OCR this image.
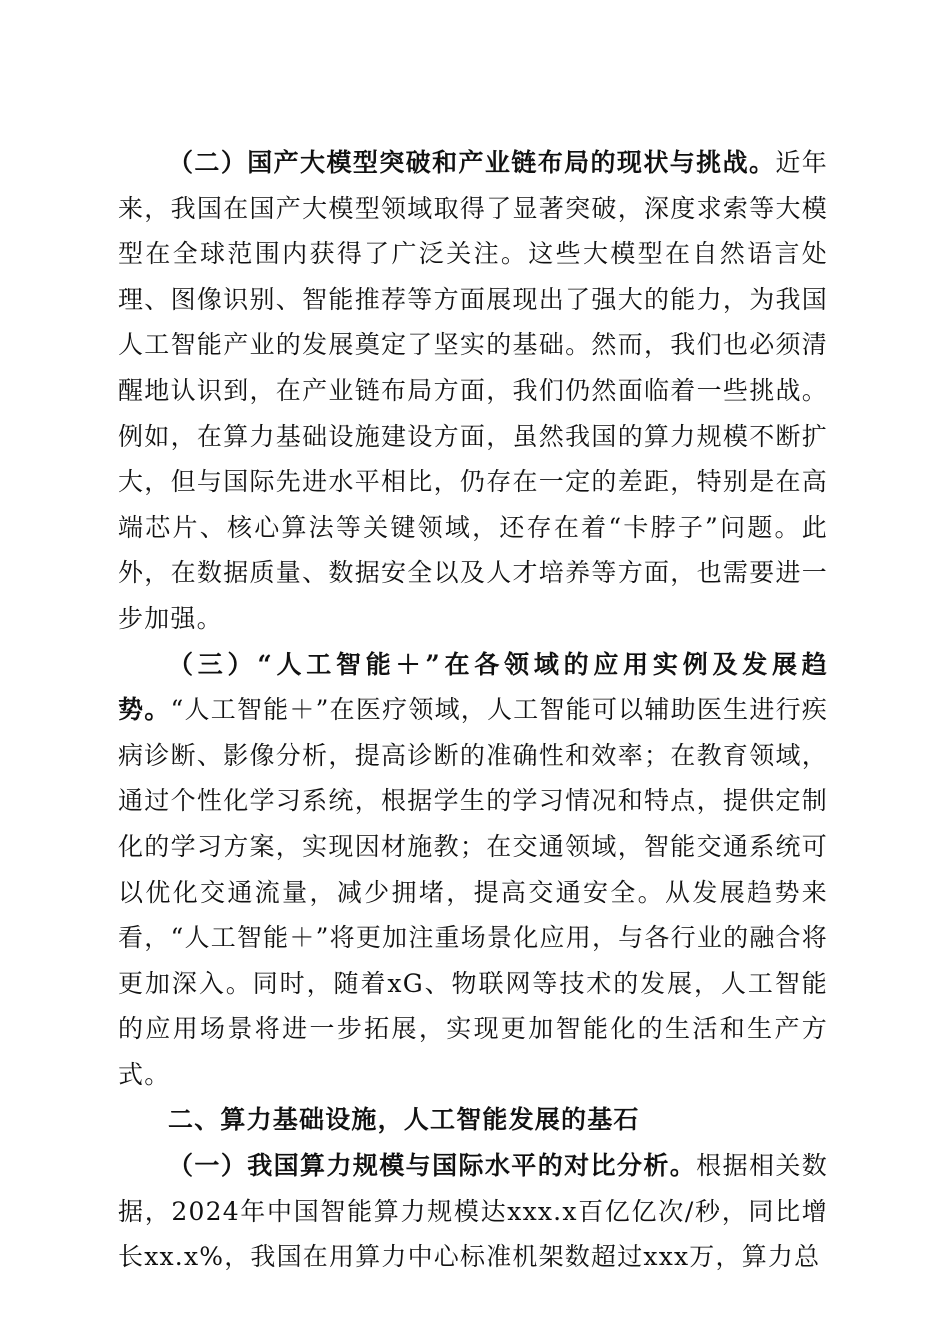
（二）国产大模型突破和产业链布局的现状与挑战。近年来，我国在国产大模型领域取得了显著突破，深度求索等大模型在全球范围内获得了广泛关注。这些大模型在自然语言处理、图像识别、智能推荐等方面展现出了强大的能力，为我国人工智能产业的发展奠定了坚实的基础。然而，我们也必须清醒地认识到，在产业链布局方面，我们仍然面临着一些挑战。例如，在算力基础设施建设方面，虽然我国的算力规模不断扩大，但与国际先进水平相比，仍存在一定的差距，特别是在高端芯片、核心算法等关键领域，还存在着“卡脖子”问题。此外，在数据质量、数据安全以及人才培养等方面，也需要进一步加强。

（三）“人工智能＋”在各领域的应用实例及发展趋势。“人工智能＋”在医疗领域，人工智能可以辅助医生进行疾病诊断、影像分析，提高诊断的准确性和效率；在教育领域，通过个性化学习系统，根据学生的学习情况和特点，提供定制化的学习方案，实现因材施教；在交通领域，智能交通系统可以优化交通流量，减少拥堵，提高交通安全。从发展趋势来看，“人工智能＋”将更加注重场景化应用，与各行业的融合将更加深入。同时，随着xG、物联网等技术的发展，人工智能的应用场景将进一步拓展，实现更加智能化的生活和生产方式。

二、算力基础设施，人工智能发展的基石

（一）我国算力规模与国际水平的对比分析。根据相关数据，2024年中国智能算力规模达xxx.x百亿亿次/秒，同比增长xx.x%，我国在用算力中心标准机架数超过xxx万，算力总
